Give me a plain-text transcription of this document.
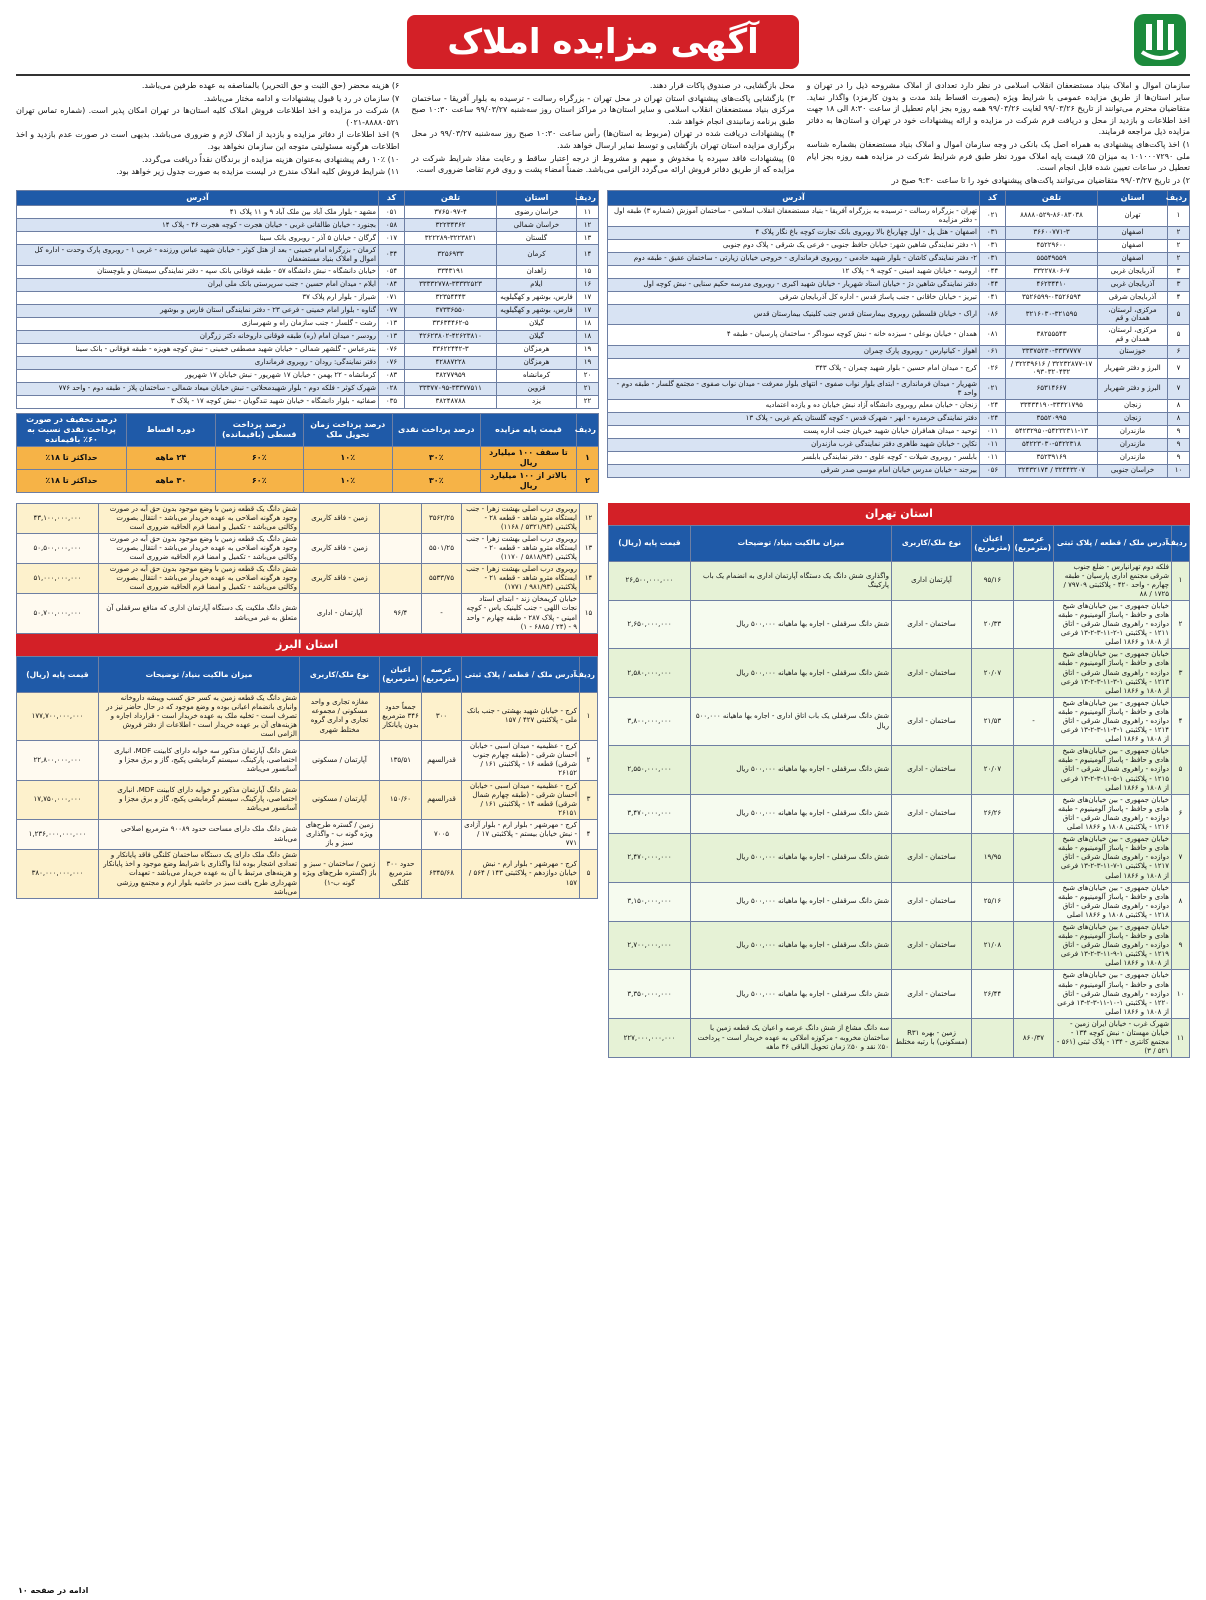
آگهی مزایده املاک

سازمان اموال و املاک بنیاد مستضعفان انقلاب اسلامی در نظر دارد تعدادی از املاک مشروحه ذیل را در تهران و سایر استان‌ها از طریق مزایده عمومی با شرایط ویژه (بصورت اقساط بلند مدت و بدون کارمزد) واگذار نماید. متقاضیان محترم می‌توانند از تاریخ ۹۹/۰۳/۲۶ لغایت ۹۹/۰۳/۲۶ همه روزه بجز ایام تعطیل از ساعت ۸:۳۰ الی ۱۸ جهت اخذ اطلاعات و بازدید از محل و دریافت فرم شرکت در مزایده و ارائه پیشنهادات خود در تهران و استان‌ها به دفاتر مزایده ذیل مراجعه فرمایند.

۱) اخذ پاکت‌های پیشنهادی به همراه اصل یک بانکی در وجه سازمان اموال و املاک بنیاد مستضعفان بشماره شناسه ملی ۱۰۱۰۰۰۷۲۹۰ به میزان ۵٪ قیمت پایه املاک مورد نظر طبق فرم شرایط شرکت در مزایده همه روزه بجز ایام تعطیل در ساعات تعیین شده قابل انجام است.

۲) در تاریخ ۹۹/۰۳/۲۷ متقاضیان می‌توانند پاکت‌های پیشنهادی خود را تا ساعت ۹:۳۰ صبح در

محل بازگشایی، در صندوق پاکات قرار دهند.

۳) بازگشایی پاکت‌های پیشنهادی استان تهران در محل تهران - بزرگراه رسالت - ترسیده به بلوار آفریقا - ساختمان مرکزی بنیاد مستضعفان انقلاب اسلامی و سایر استان‌ها در مراکز استان روز سه‌شنبه ۹۹/۰۳/۲۷ ساعت ۱۰:۳۰ صبح طبق برنامه زمانبندی انجام خواهد شد.

۴) پیشنهادات دریافت شده در تهران (مربوط به استان‌ها) رأس ساعت ۱۰:۳۰ صبح روز سه‌شنبه ۹۹/۰۳/۲۷ در محل برگزاری مزایده استان تهران بازگشایی و توسط نمایر ارسال خواهد شد.

۵) پیشنهادات فاقد سپرده یا مخدوش و مبهم و مشروط از درجه اعتبار ساقط و رعایت مفاد شرایط شرکت در مزایده که از طریق دفاتر فروش ارائه می‌گردد الزامی می‌باشد. ضمناً امضاء پشت و روی فرم تقاضا ضروری است.

۶) هزینه محضر (حق الثبت و حق التحریر) بالمناصفه به عهده طرفین می‌باشد.

۷) سازمان در رد یا قبول پیشنهادات و ادامه مختار می‌باشد.

۸) شرکت در مزایده و اخذ اطلاعات فروش املاک کلیه استان‌ها در تهران امکان پذیر است. (شماره تماس تهران ۸۸۸۸۰۵۲۱-۰۲۱)

۹) اخذ اطلاعات از دفاتر مزایده و بازدید از املاک لازم و ضروری می‌باشد. بدیهی است در صورت عدم بازدید و اخذ اطلاعات هرگونه مسئولیتی متوجه این سازمان نخواهد بود.

۱۰) ۱۰٪ رقم پیشنهادی به‌عنوان هزینه مزایده از برندگان نقداً دریافت می‌گردد.

۱۱) شرایط فروش کلیه املاک مندرج در لیست مزایده به صورت جدول زیر خواهد بود.

ردیف	استان	تلفن	کد	آدرس
۱	تهران	۸۸۸۸۰۵۲۹-۸۶۰۸۳۰۳۸	۰۲۱	تهران - بزرگراه رسالت - ترسیده به بزرگراه آفریقا - بنیاد مستضعفان انقلاب اسلامی - ساختمان آموزش (شماره ۳) طبقه اول - دفتر مزایده
۲	اصفهان	۳۶۶۰۰۷۷۱-۳	۰۳۱	اصفهان - هتل پل - اول چهارباغ بالا روبروی بانک تجارت کوچه باغ نگار پلاک ۴
۲	اصفهان	۴۵۲۲۹۶۰۰	۰۳۱	۱- دفتر نمایندگی شاهین شهر: خیابان حافظ جنوبی - فرعی یک شرقی - پلاک دوم جنوبی
۲	اصفهان	۵۵۵۴۹۵۵۹	۰۳۱	۲- دفتر نمایندگی کاشان - بلوار شهید خادمی - روبروی فرمانداری - خروجی خیابان زیارتی - ساختمان عقیق - طبقه دوم
۳	آذربایجان غربی	۳۳۲۲۷۸۰۶-۷	۰۴۴	ارومیه - خیابان شهید امینی - کوچه ۹ - پلاک ۱۲
۳	آذربایجان غربی	۴۶۲۳۴۴۱۰	۰۴۴	دفتر نمایندگی شاهین دژ - خیابان استاد شهریار - خیابان شهید اکبری - روبروی مدرسه حکیم سنایی - نبش کوچه اول
۴	آذربایجان شرقی	۳۵۲۶۵۹۹-۰۳۵۲۶۵۹۴	۰۴۱	تبریز - خیابان خاقانی - جنب پاساژ قدس - اداره کل آذربایجان شرقی
۵	مرکزی، لرستان، همدان و قم	۳۲۱۶۰۳۰-۳۲۱۵۹۵	۰۸۶	اراک - خیابان فلسطین روبروی بیمارستان قدس جنب کلینیک بیمارستان قدس
۵	مرکزی، لرستان، همدان و قم	۳۸۲۵۵۵۴۳	۰۸۱	همدان - خیابان بوعلی - سیزده خانه - نبش کوچه سوداگر - ساختمان پارسیان - طبقه ۴
۶	خوزستان	۳۳۳۷۵۲۳۰-۳۳۳۷۷۷۷	۰۶۱	اهواز - کیانپارس - روبروی پارک چمران
۷	البرز و دفتر شهریار	۳۲۲۳۲۸۷۷-۱۷ / ۳۲۲۳۹۶۱۶ / ۰۹۳۰۳۲۰۴۳۲	۰۲۶	کرج - میدان امام حسین - بلوار شهید چمران - پلاک ۳۴۳
۷	البرز و دفتر شهریار	۶۵۳۱۴۶۶۷	۰۲۱	شهریار - میدان فرمانداری - ابتدای بلوار نواب صفوی - انتهای بلوار معرفت - میدان نواب صفوی - مجتمع گلسار - طبقه دوم - واحد ۳
۸	زنجان	۳۳۴۳۴۱۹۰-۳۳۴۲۱۷۹۵	۰۲۴	زنجان - خیابان معلم روبروی دانشگاه آزاد نبش خیابان ده و یازده اعتمادیه
۸	زنجان	۳۵۵۲۰۹۹۵	۰۲۴	دفتر نمایندگی خرمدره - ابهر - شهرک قدس - کوچه گلستان یکم غربی - پلاک ۱۳
۹	مازندران	۵۴۲۳۲۹۵۰-۵۴۲۳۲۳۱۱-۱۳	۰۱۱	توحید - میدان همافران خیابان شهید خیریان جنب اداره پست
۹	مازندران	۵۴۲۲۳۰۳۰-۵۴۲۲۳۱۸	۰۱۱	نکاپن - خیابان شهید طاهری دفتر نمایندگی غرب مازندران
۹	مازندران	۳۵۲۳۹۱۶۹	۰۱۱	بابلسر - روبروی شیلات - کوچه علوی - دفتر نمایندگی بابلسر
۱۰	خراسان جنوبی	۳۲۴۴۳۲۰۷ / ۳۲۴۳۲۱۷۴	۰۵۶	بیرجند - خیابان مدرس خیابان امام موسی صدر شرقی
ردیف	استان	تلفن	کد	آدرس
۱۱	خراسان رضوی	۳۷۶۵۰۹۷-۴	۰۵۱	مشهد - بلوار ملک آباد بین ملک آباد ۹ و ۱۱ پلاک ۴۱
۱۲	خراسان شمالی	۳۲۲۳۴۳۶۲	۰۵۸	بجنورد - خیابان طالقانی غربی - خیابان هجرت - کوچه هجرت ۴۶ - پلاک ۱۴
۱۳	گلستان	۳۲۲۲۸۹-۳۲۲۳۸۲۱	۰۱۷	گرگان - خیابان ۵ آذر - روبروی بانک سینا
۱۴	کرمان	۳۲۵۶۹۳۳	۰۳۴	کرمان - بزرگراه امام خمینی - بعد از هتل کوثر - خیابان شهید عباس ورزنده - غربی ۱ - روبروی پارک وحدت - اداره کل اموال و املاک بنیاد مستضعفان
۱۵	زاهدان	۳۳۴۳۱۹۱	۰۵۴	خیابان دانشگاه - نبش دانشگاه ۵۷ - طبقه فوقانی بانک سپه - دفتر نمایندگی سیستان و بلوچستان
۱۶	ایلام	۳۳۳۳۲۷۷۸-۳۳۳۳۲۵۲۳	۰۸۴	ایلام - میدان امام حسین - جنب سرپرستی بانک ملی ایران
۱۷	فارس، بوشهر و کهگیلویه	۳۲۳۵۴۴۴۳	۰۷۱	شیراز - بلوار ارم پلاک ۳۷
۱۷	فارس، بوشهر و کهگیلویه	۳۷۳۳۶۵۵۰	۰۷۷	گناوه - بلوار امام خمینی - فرعی ۲۳ - دفتر نمایندگی استان فارس و بوشهر
۱۸	گیلان	۳۳۶۳۴۴۶۲-۵	۰۱۳	رشت - گلسار - جنب سازمان راه و شهرسازی
۱۸	گیلان	۴۲۶۲۳۸۰۲-۴۲۶۲۳۸۱۰	۰۱۳	رودسر - میدان امام (ره) طبقه فوقانی داروخانه دکتر زرگران
۱۹	هرمزگان	۳۳۶۲۲۴۴۲-۳	۰۷۶	بندرعباس - گلشهر شمالی - خیابان شهید مصطفی خمینی - نبش کوچه هویزه - طبقه فوقانی - بانک سینا
۱۹	هرمزگان	۴۲۸۸۷۲۲۸	۰۷۶	دفتر نمایندگی: رودان - روبروی فرمانداری
۲۰	کرمانشاه	۳۸۲۷۷۹۵۹	۰۸۳	کرمانشاه - ۲۲ بهمن - خیابان ۱۷ شهریور - نبش خیابان ۱۷ شهریور
۲۱	قزوین	۳۳۳۷۷۰۹۵-۳۳۳۷۷۵۱۱	۰۲۸	شهرک کوثر - فلکه دوم - بلوار شهیدمحلاتی - نبش خیابان میعاد شمالی - ساختمان پلاز - طبقه دوم - واحد ۷۷۶
۲۲	یزد	۳۸۲۴۸۷۸۸	۰۳۵	صفائیه - بلوار دانشگاه - خیابان شهید تندگویان - نبش کوچه ۱۷ - پلاک ۳
ردیف	قیمت پایه مزایده	درصد پرداخت نقدی	درصد پرداخت زمان تحویل ملک	درصد پرداخت قسطی (باقیمانده)	دوره اقساط	درصد تخفیف در صورت پرداخت نقدی نسبت به ۶۰٪ باقیمانده
۱	تا سقف ۱۰۰ میلیارد ریال	۳۰٪	۱۰٪	۶۰٪	۲۴ ماهه	حداکثر تا ۱۸٪
۲	بالاتر از ۱۰۰ میلیارد ریال	۳۰٪	۱۰٪	۶۰٪	۳۰ ماهه	حداکثر تا ۱۸٪
استان تهران
ردیف	آدرس ملک / قطعه / پلاک ثبتی	عرصه (مترمربع)	اعیان (مترمربع)	نوع ملک/کاربری	میزان مالکیت بنیاد/ توضیحات	قیمت پایه (ریال)
۱	فلکه دوم تهرانپارس - ضلع جنوب شرقی مجتمع اداری پارسیان - طبقه چهارم - واحد ۴۲۰ - پلاکثبتی ۷۹۷۰۹ / ۱۷۲۵ / ۸۸		۹۵/۱۶	آپارتمان اداری	واگذاری شش دانگ یک دستگاه آپارتمان اداری به انضمام یک باب پارکینگ	۲۶,۵۰۰,۰۰۰,۰۰۰
۲	خیابان جمهوری - بین خیابان‌های شیخ هادی و حافظ - پاساژ آلومینیوم - طبقه دوازده - راهروی شمال شرقی - اتاق ۱۲۱۱ - پلاکثبتی ۱-۲-۱۱-۳-۲-۱۳ فرعی از ۱۸۰۸ و ۱۸۶۶ اصلی		۲۰/۳۳	ساختمان - اداری	شش دانگ سرقفلی - اجاره بها ماهیانه ۵۰۰,۰۰۰ ریال	۲,۶۵۰,۰۰۰,۰۰۰
۳	خیابان جمهوری - بین خیابان‌های شیخ هادی و حافظ - پاساژ آلومینیوم - طبقه دوازده - راهروی شمال شرقی - اتاق ۱۲۱۳ - پلاکثبتی ۱-۳-۱۱-۳-۲-۱۳ فرعی از ۱۸۰۸ و ۱۸۶۶ اصلی		۲۰/۰۷	ساختمان - اداری	شش دانگ سرقفلی - اجاره بها ماهیانه ۵۰۰,۰۰۰ ریال	۲,۵۸۰,۰۰۰,۰۰۰
۴	خیابان جمهوری - بین خیابان‌های شیخ هادی و حافظ - پاساژ آلومینیوم - طبقه دوازده - راهروی شمال شرقی - اتاق ۱۲۱۴ - پلاکثبتی ۱-۴-۱۱-۳-۲-۱۳ فرعی از ۱۸۰۸ و ۱۸۶۶ اصلی	-	۲۱/۵۳	ساختمان - اداری	شش دانگ سرقفلی یک باب اتاق اداری - اجاره بها ماهیانه ۵۰۰,۰۰۰ ریال	۳,۸۰۰,۰۰۰,۰۰۰
۵	خیابان جمهوری - بین خیابان‌های شیخ هادی و حافظ - پاساژ آلومینیوم - طبقه دوازده - راهروی شمال شرقی - اتاق ۱۲۱۵ - پلاکثبتی ۱-۵-۱۱-۳-۲-۱۳ فرعی از ۱۸۰۸ و ۱۸۶۶ اصلی		۲۰/۰۷	ساختمان - اداری	شش دانگ سرقفلی - اجاره بها ماهیانه ۵۰۰,۰۰۰ ریال	۲,۵۵۰,۰۰۰,۰۰۰
۶	خیابان جمهوری - بین خیابان‌های شیخ هادی و حافظ - پاساژ آلومینیوم - طبقه دوازده - راهروی شمال شرقی - اتاق ۱۲۱۶ - پلاکثبتی ۱۸۰۸ و ۱۸۶۶ اصلی		۲۶/۲۶	ساختمان - اداری	شش دانگ سرقفلی - اجاره بها ماهیانه ۵۰۰,۰۰۰ ریال	۳,۴۷۰,۰۰۰,۰۰۰
۷	خیابان جمهوری - بین خیابان‌های شیخ هادی و حافظ - پاساژ آلومینیوم - طبقه دوازده - راهروی شمال شرقی - اتاق ۱۲۱۷ - پلاکثبتی ۱-۷-۱۱-۳-۲-۱۳ فرعی از ۱۸۰۸ و ۱۸۶۶ اصلی		۱۹/۹۵	ساختمان - اداری	شش دانگ سرقفلی - اجاره بها ماهیانه ۵۰۰,۰۰۰ ریال	۲,۴۷۰,۰۰۰,۰۰۰
۸	خیابان جمهوری - بین خیابان‌های شیخ هادی و حافظ - پاساژ آلومینیوم - طبقه دوازده - راهروی شمال شرقی - اتاق ۱۲۱۸ - پلاکثبتی ۱۸۰۸ و ۱۸۶۶ اصلی		۲۵/۱۶	ساختمان - اداری	شش دانگ سرقفلی - اجاره بها ماهیانه ۵۰۰,۰۰۰ ریال	۳,۱۵۰,۰۰۰,۰۰۰
۹	خیابان جمهوری - بین خیابان‌های شیخ هادی و حافظ - پاساژ آلومینیوم - طبقه دوازده - راهروی شمال شرقی - اتاق ۱۲۱۹ - پلاکثبتی ۱-۹-۱۱-۳-۲-۱۳ فرعی از ۱۸۰۸ و ۱۸۶۶ اصلی		۲۱/۰۸	ساختمان - اداری	شش دانگ سرقفلی - اجاره بها ماهیانه ۵۰۰,۰۰۰ ریال	۲,۷۰۰,۰۰۰,۰۰۰
۱۰	خیابان جمهوری - بین خیابان‌های شیخ هادی و حافظ - پاساژ آلومینیوم - طبقه دوازده - راهروی شمال شرقی - اتاق ۱۲۲۰ - پلاکثبتی ۱-۱۰-۱۱-۳-۲-۱۳ فرعی از ۱۸۰۸ و ۱۸۶۶ اصلی		۲۶/۴۴	ساختمان - اداری	شش دانگ سرقفلی - اجاره بها ماهیانه ۵۰۰,۰۰۰ ریال	۳,۳۵۰,۰۰۰,۰۰۰
۱۱	شهرک غرب - خیابان ایران زمین - خیابان مهستان - نبش کوچه ۱۳۴ - مجتمع کانتری - ۱۳۴ - پلاک ثبتی (۵۶۱ - ۵۲۱ / ۳)	۸۶۰/۳۷		زمین - بهره R۳۱ (مسکونی) با رتبه مختلط	سه دانگ مشاع از شش دانگ عرصه و اعیان یک قطعه زمین با ساختمان مخروبه - مرکوزه املاکی به عهده خریدار است - پرداخت ۵۰٪ نقد و ۵۰٪ زمان تحویل الباقی ۳۶ ماهه	۲۲۷,۰۰۰,۰۰۰,۰۰۰
۱۲	روبروی درب اصلی بهشت زهرا - جنب ایستگاه مترو شاهد - قطعه ۲۸ - پلاکثبتی (۵۳۲۱/۹۳ / ۱۱۶۸)	۳۵۶۲/۲۵		زمین - فاقد کاربری	شش دانگ یک قطعه زمین با وضع موجود بدون حق آبه در صورت وجود هرگونه اصلاحی به عهده خریدار می‌باشد - انتقال بصورت وکالتی می‌باشد - تکمیل و امضا فرم الحاقیه ضروری است	۴۳,۱۰۰,۰۰۰,۰۰۰
۱۳	روبروی درب اصلی بهشت زهرا - جنب ایستگاه مترو شاهد - قطعه ۲۰ - پلاکثبتی (۵۸۱۸/۹۳ / ۱۱۷۰)	۵۵۰۱/۲۵		زمین - فاقد کاربری	شش دانگ یک قطعه زمین با وضع موجود بدون حق آبه در صورت وجود هرگونه اصلاحی به عهده خریدار می‌باشد - انتقال بصورت وکالتی می‌باشد - تکمیل و امضا فرم الحاقیه ضروری است	۵۰,۵۰۰,۰۰۰,۰۰۰
۱۴	روبروی درب اصلی بهشت زهرا - جنب ایستگاه مترو شاهد - قطعه ۲۱ - پلاکثبتی (۹۸۱/۹۳ / ۱۷۷۱)	۵۵۳۳/۷۵		زمین - فاقد کاربری	شش دانگ یک قطعه زمین با وضع موجود بدون حق آبه در صورت وجود هرگونه اصلاحی به عهده خریدار می‌باشد - انتقال بصورت وکالتی می‌باشد - تکمیل و امضا فرم الحاقیه ضروری است	۵۱,۰۰۰,۰۰۰,۰۰۰
۱۵	خیابان کریمخان زند - ابتدای استاد نجات اللهی - جنب کلینیک یاس - کوچه امینی - پلاک ۲۸۷ - طبقه چهارم - واحد ۹ - (۲۴ / ۶۸۸۵ - ۱)	-	۹۶/۴	آپارتمان - اداری	شش دانگ ملکیت یک دستگاه آپارتمان اداری که منافع سرقفلی آن متعلق به غیر می‌باشد	۵۰,۷۰۰,۰۰۰,۰۰۰
استان البرز
ردیف	آدرس ملک / قطعه / پلاک ثبتی	عرصه (مترمربع)	اعیان (مترمربع)	نوع ملک/کاربری	میزان مالکیت بنیاد/ توضیحات	قیمت پایه (ریال)
۱	کرج - خیابان شهید بهشتی - جنب بانک ملی - پلاکثبتی ۴۲۷ / ۱۵۷	۳۰۰	جمعاً حدود ۳۴۶ مترمربع بدون پایانکار	مغازه تجاری و واحد مسکونی / مجموعه تجاری و اداری گروه مختلط شهری	شش دانگ یک قطعه زمین به کسر حق کسب وپیشه داروخانه وانباری بانضمام اعیانی بوده و وضع موجود که در حال حاضر نیز در تصرف است - تخلیه ملک به عهده خریدار است - قرارداد اجاره و هزینه‌های آن بر عهده خریدار است - اطلاعات از دفتر فروش الزامی است	۱۷۷,۷۰۰,۰۰۰,۰۰۰
۲	کرج - عظیمیه - میدان اسبی - خیابان احسان شرقی - (طبقه چهارم جنوب شرقی) قطعه ۱۶ - پلاکثبتی ۱۶۱ / ۲۶۱۵۲	قدرالسهم	۱۳۵/۵۱	آپارتمان / مسکونی	شش دانگ آپارتمان مذکور سه خوابه دارای کابینت MDF، انباری اختصاصی، پارکینگ، سیستم گرمایشی پکیج، گاز و برق مجزا و آسانسور می‌باشد	۲۲,۸۰۰,۰۰۰,۰۰۰
۳	کرج - عظیمیه - میدان اسبی - خیابان احسان شرقی - (طبقه چهارم شمال شرقی) قطعه ۱۴ - پلاکثبتی ۱۶۱ / ۲۶۱۵۱	قدرالسهم	۱۵۰/۶۰	آپارتمان / مسکونی	شش دانگ آپارتمان مذکور دو خوابه دارای کابینت MDF، انباری اختصاصی، پارکینگ، سیستم گرمایشی پکیج، گاز و برق مجزا و آسانسور می‌باشد	۱۷,۷۵۰,۰۰۰,۰۰۰
۴	کرج - مهرشهر - بلوار ارم - بلوار آزادی - نبش خیابان بیستم - پلاکثبتی ۱۷ / ۷۷۱	۷۰۰۵		زمین / گستره طرح‌های ویژه گونه ب - واگذاری سبز و باز	شش دانگ ملک دارای مساحت حدود ۹۰۰۸۹ مترمربع اصلاحی می‌باشد	۱,۲۳۶,۰۰۰,۰۰۰,۰۰۰
۵	کرج - مهرشهر - بلوار ارم - نبش خیابان دوازدهم - پلاکثبتی ۱۴۳ / ۵۶۴ / ۱۵۷	۶۳۴۵/۶۸	حدود ۳۰۰ مترمربع کلنگی	زمین / ساختمان - سبز و باز (گستره طرح‌های ویژه گونه ب-۱)	شش دانگ ملک دارای یک دستگاه ساختمان کلنگی فاقد پایانکار و تعدادی اشجار بوده لذا واگذاری با شرایط وضع موجود و اخذ پایانکار و هزینه‌های مرتبط با آن به عهده خریدار می‌باشد - تعهدات شهرداری طرح بافت سبز در حاشیه بلوار ارم و مجتمع ورزشی می‌باشد	۳۸۰,۰۰۰,۰۰۰,۰۰۰
ادامه در صفحه ۱۰
